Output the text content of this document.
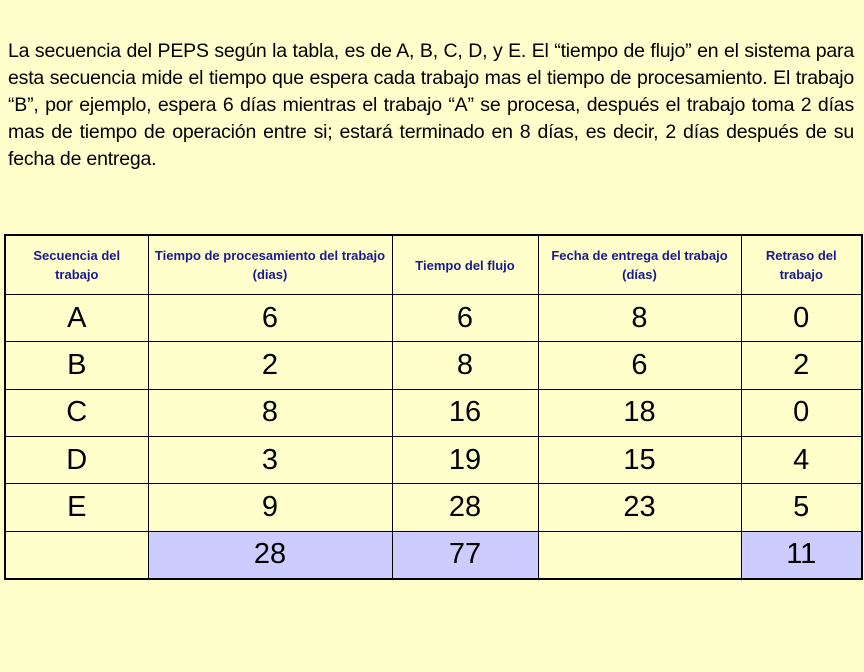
La secuencia del PEPS según la tabla, es de A, B, C, D, y E. El “tiempo de flujo” en el sistema para esta secuencia mide el tiempo que espera cada trabajo mas el tiempo de procesamiento. El trabajo “B”, por ejemplo, espera 6 días mientras el trabajo “A” se procesa, después el trabajo toma 2 días mas de tiempo de operación entre si; estará terminado en 8 días, es decir, 2 días después de su fecha de entrega.

Secuencia del trabajo	Tiempo de procesamiento del trabajo (dias)	Tiempo del flujo	Fecha de entrega del trabajo (días)	Retraso del trabajo
A	6	6	8	0
B	2	8	6	2
C	8	16	18	0
D	3	19	15	4
E	9	28	23	5
	28	77		11
